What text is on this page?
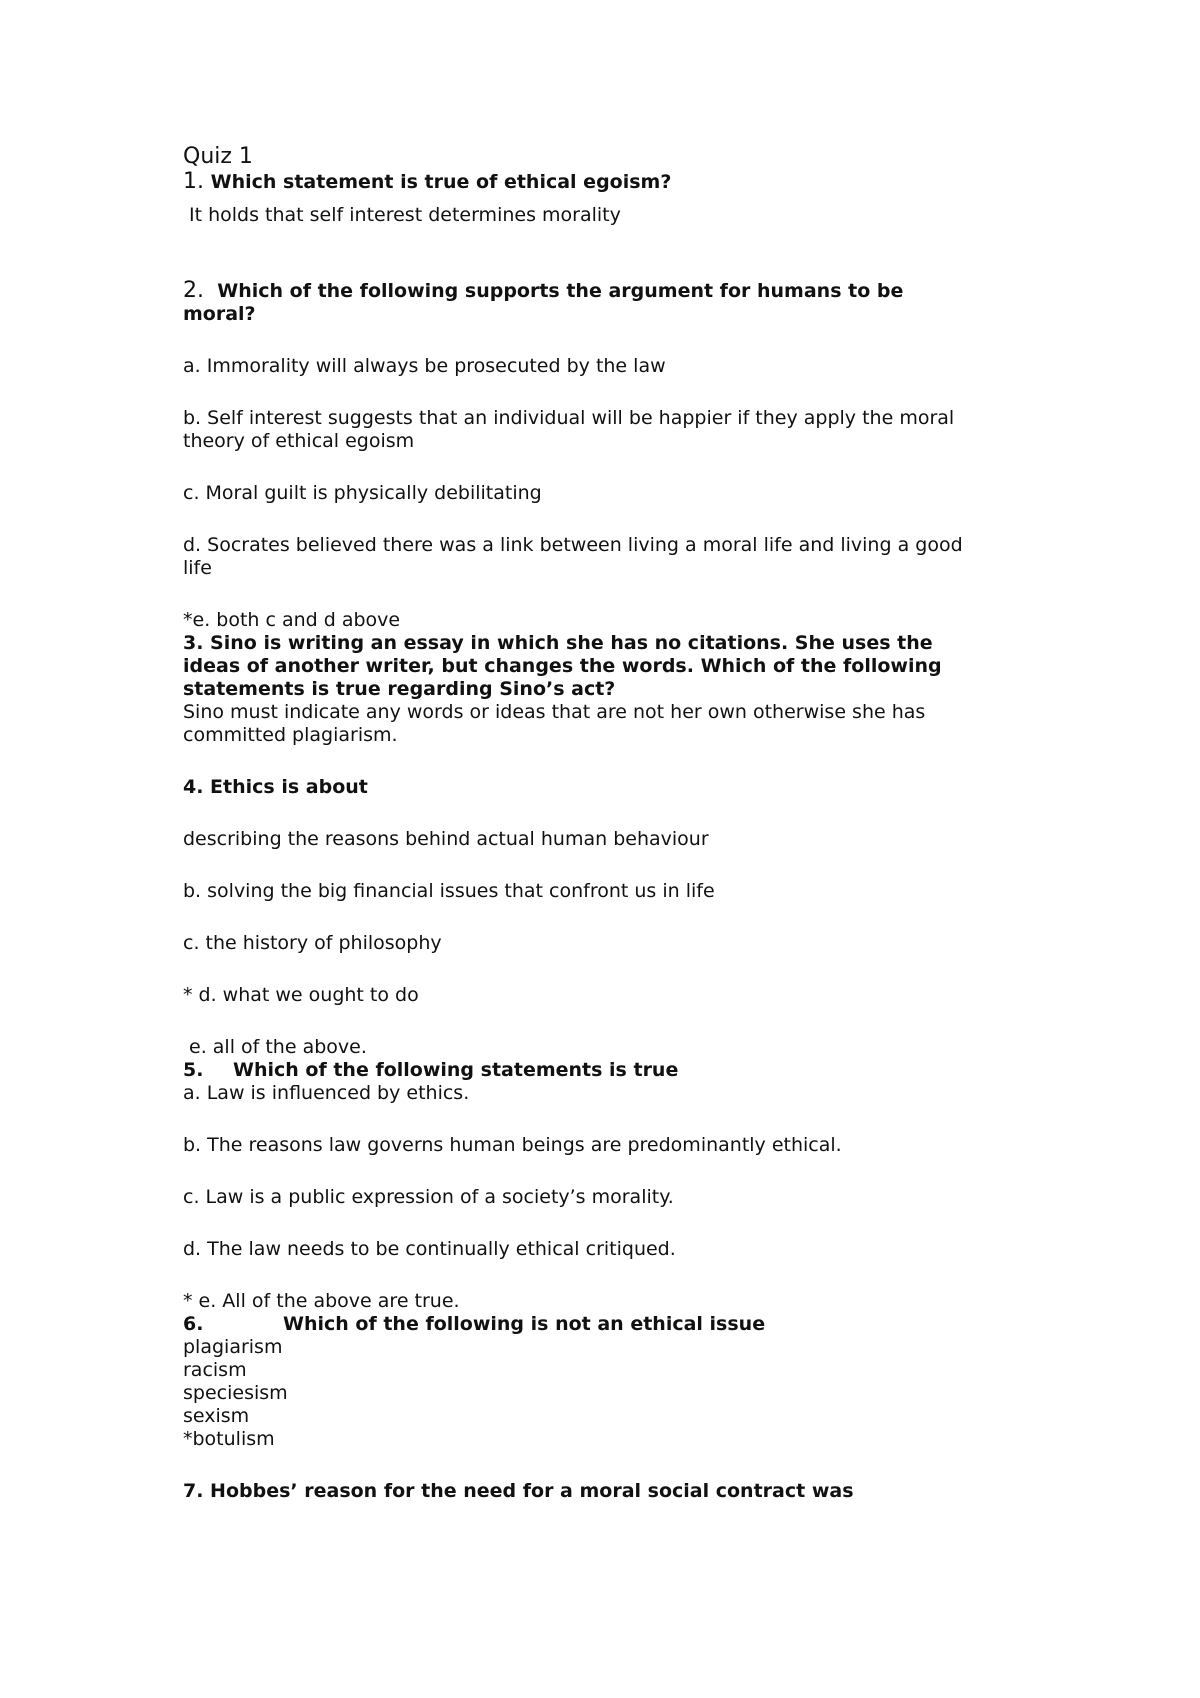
Quiz 1

1. Which statement is true of ethical egoism?

It holds that self interest determines morality

2. Which of the following supports the argument for humans to be

moral?

a. Immorality will always be prosecuted by the law

b. Self interest suggests that an individual will be happier if they apply the moral

theory of ethical egoism

c. Moral guilt is physically debilitating

d. Socrates believed there was a link between living a moral life and living a good

life

*e. both c and d above

3. Sino is writing an essay in which she has no citations. She uses the

ideas of another writer, but changes the words. Which of the following

statements is true regarding Sino’s act?

Sino must indicate any words or ideas that are not her own otherwise she has

committed plagiarism.

4. Ethics is about

describing the reasons behind actual human behaviour

b. solving the big financial issues that confront us in life

c. the history of philosophy

* d. what we ought to do

e. all of the above.

5. Which of the following statements is true

a. Law is influenced by ethics.

b. The reasons law governs human beings are predominantly ethical.

c. Law is a public expression of a society’s morality.

d. The law needs to be continually ethical critiqued.

* e. All of the above are true.

6.	Which of the following is not an ethical issue

plagiarism

racism

speciesism

sexism

*botulism

7. Hobbes’ reason for the need for a moral social contract was
